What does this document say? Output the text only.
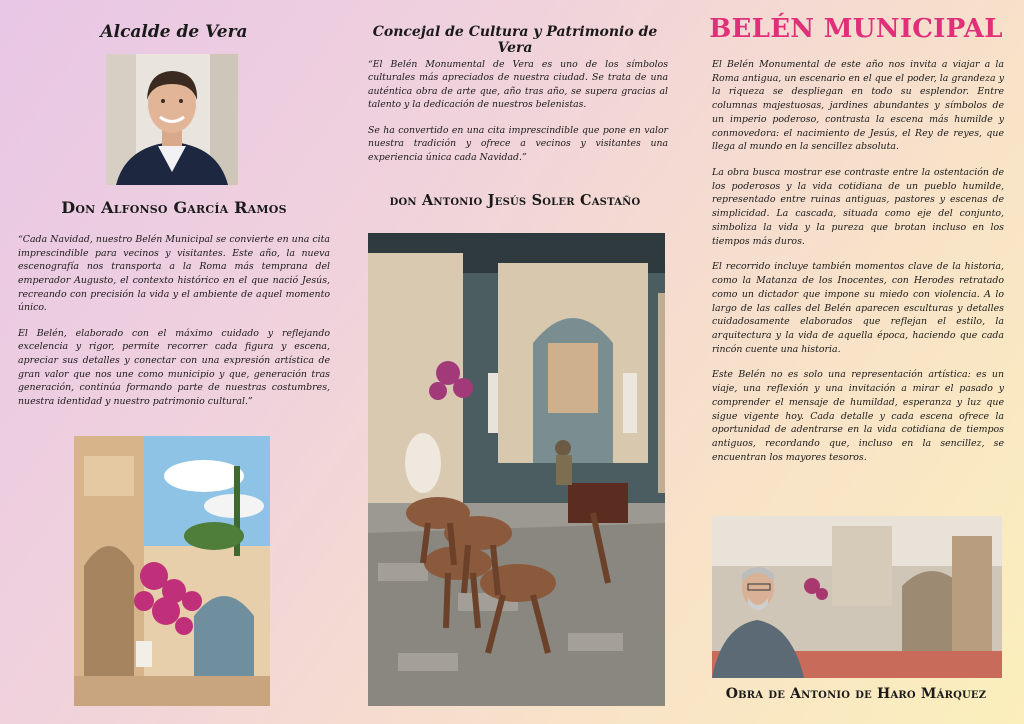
Alcalde de Vera
Don Alfonso García Ramos

“Cada Navidad, nuestro Belén Municipal se convierte en una cita imprescindible para vecinos y visitantes. Este año, la nueva escenografía nos transporta a la Roma más temprana del emperador Augusto, el contexto histórico en el que nació Jesús, recreando con precisión la vida y el ambiente de aquel momento único.

El Belén, elaborado con el máximo cuidado y reflejando excelencia y rigor, permite recorrer cada figura y escena, apreciar sus detalles y conectar con una expresión artística de gran valor que nos une como municipio y que, generación tras generación, continúa formando parte de nuestras costumbres, nuestra identidad y nuestro patrimonio cultural.”

Concejal de Cultura y Patrimonio de Vera

“El Belén Monumental de Vera es uno de los símbolos culturales más apreciados de nuestra ciudad. Se trata de una auténtica obra de arte que, año tras año, se supera gracias al talento y la dedicación de nuestros belenistas.

Se ha convertido en una cita imprescindible que pone en valor nuestra tradición y ofrece a vecinos y visitantes una experiencia única cada Navidad.”

don Antonio Jesús Soler Castaño
BELÉN MUNICIPAL

El Belén Monumental de este año nos invita a viajar a la Roma antigua, un escenario en el que el poder, la grandeza y la riqueza se despliegan en todo su esplendor. Entre columnas majestuosas, jardines abundantes y símbolos de un imperio poderoso, contrasta la escena más humilde y conmovedora: el nacimiento de Jesús, el Rey de reyes, que llega al mundo en la sencillez absoluta.

La obra busca mostrar ese contraste entre la ostentación de los poderosos y la vida cotidiana de un pueblo humilde, representado entre ruinas antiguas, pastores y escenas de simplicidad. La cascada, situada como eje del conjunto, simboliza la vida y la pureza que brotan incluso en los tiempos más duros.

El recorrido incluye también momentos clave de la historia, como la Matanza de los Inocentes, con Herodes retratado como un dictador que impone su miedo con violencia. A lo largo de las calles del Belén aparecen esculturas y detalles cuidadosamente elaborados que reflejan el estilo, la arquitectura y la vida de aquella época, haciendo que cada rincón cuente una historia.

Este Belén no es solo una representación artística: es un viaje, una reflexión y una invitación a mirar el pasado y comprender el mensaje de humildad, esperanza y luz que sigue vigente hoy. Cada detalle y cada escena ofrece la oportunidad de adentrarse en la vida cotidiana de tiempos antiguos, recordando que, incluso en la sencillez, se encuentran los mayores tesoros.

Obra de Antonio de Haro Márquez
